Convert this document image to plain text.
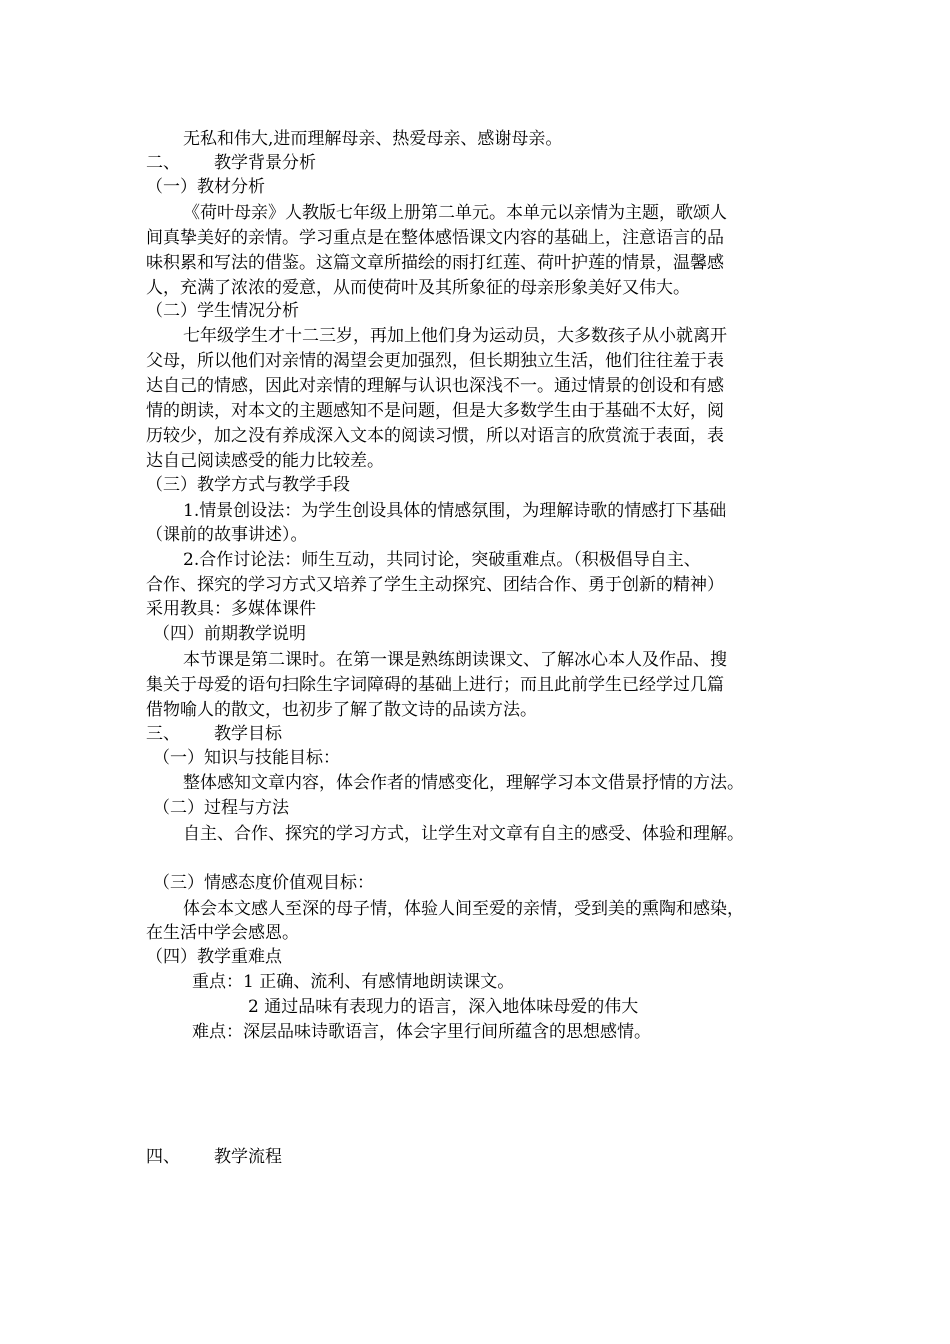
无私和伟大,进而理解母亲、热爱母亲、感谢母亲。
二、 教学背景分析
（一）教材分析
《荷叶母亲》人教版七年级上册第二单元。本单元以亲情为主题，歌颂人
间真挚美好的亲情。学习重点是在整体感悟课文内容的基础上，注意语言的品
味积累和写法的借鉴。这篇文章所描绘的雨打红莲、荷叶护莲的情景，温馨感
人，充满了浓浓的爱意，从而使荷叶及其所象征的母亲形象美好又伟大。
（二）学生情况分析
七年级学生才十二三岁，再加上他们身为运动员，大多数孩子从小就离开
父母，所以他们对亲情的渴望会更加强烈，但长期独立生活，他们往往羞于表
达自己的情感，因此对亲情的理解与认识也深浅不一。通过情景的创设和有感
情的朗读，对本文的主题感知不是问题，但是大多数学生由于基础不太好，阅
历较少，加之没有养成深入文本的阅读习惯，所以对语言的欣赏流于表面，表
达自己阅读感受的能力比较差。
（三）教学方式与教学手段
1.情景创设法：为学生创设具体的情感氛围，为理解诗歌的情感打下基础
（课前的故事讲述）。
2.合作讨论法：师生互动，共同讨论，突破重难点。（积极倡导自主、
合作、探究的学习方式又培养了学生主动探究、团结合作、勇于创新的精神）
采用教具：多媒体课件
（四）前期教学说明
本节课是第二课时。在第一课是熟练朗读课文、了解冰心本人及作品、搜
集关于母爱的语句扫除生字词障碍的基础上进行；而且此前学生已经学过几篇
借物喻人的散文，也初步了解了散文诗的品读方法。
三、 教学目标
（一）知识与技能目标：
整体感知文章内容，体会作者的情感变化，理解学习本文借景抒情的方法。
（二）过程与方法
自主、合作、探究的学习方式，让学生对文章有自主的感受、体验和理解。
（三）情感态度价值观目标：
体会本文感人至深的母子情，体验人间至爱的亲情，受到美的熏陶和感染，
在生活中学会感恩。
（四）教学重难点
重点：1 正确、流利、有感情地朗读课文。
2 通过品味有表现力的语言，深入地体味母爱的伟大
难点：深层品味诗歌语言，体会字里行间所蕴含的思想感情。
四、 教学流程
